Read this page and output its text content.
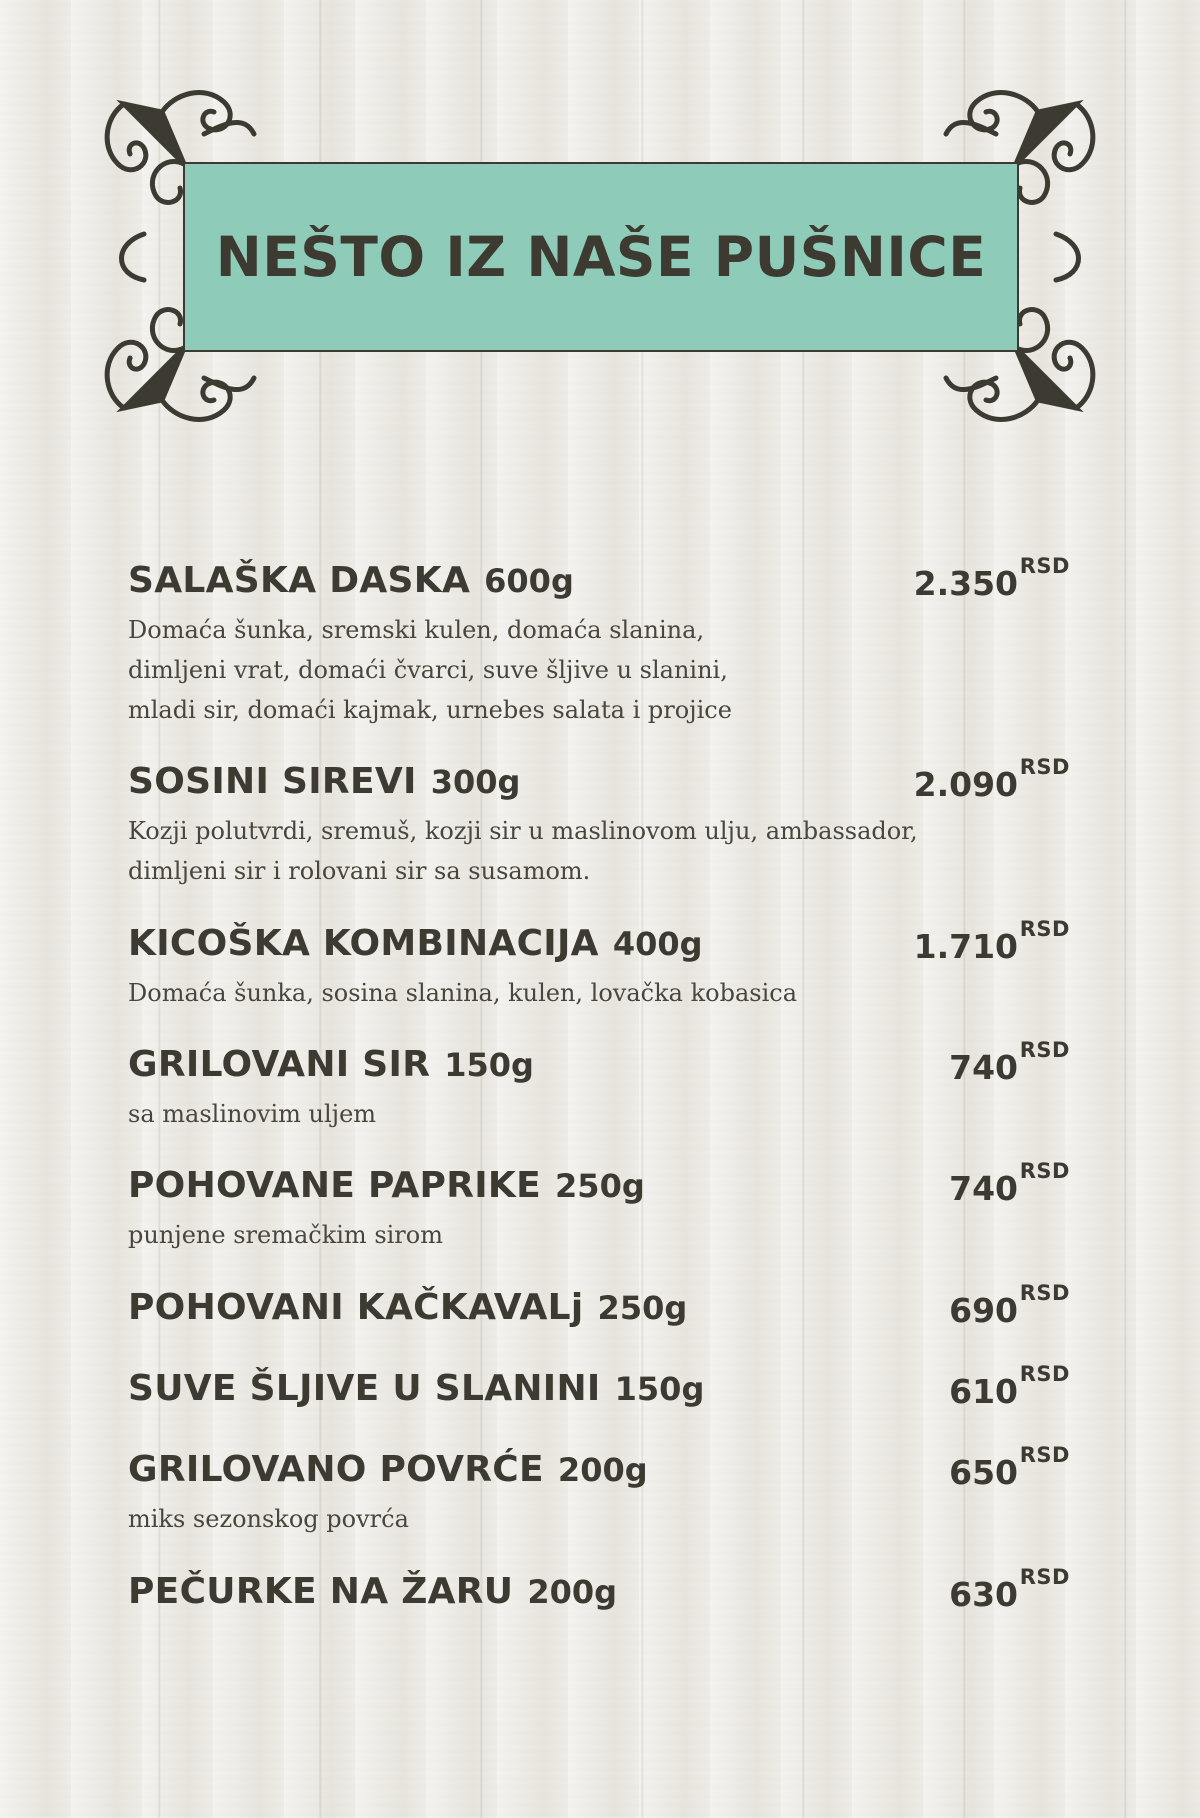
NEŠTO IZ NAŠE PUŠNICE
SALAŠKA DASKA 600g	2.350 RSD

Domaća šunka, sremski kulen, domaća slanina,
dimljeni vrat, domaći čvarci, suve šljive u slanini,
mladi sir, domaći kajmak, urnebes salata i projice

SOSINI SIREVI 300g	2.090 RSD

Kozji polutvrdi, sremuš, kozji sir u maslinovom ulju, ambassador,
dimljeni sir i rolovani sir sa susamom.

KICOŠKA KOMBINACIJA 400g	1.710 RSD

Domaća šunka, sosina slanina, kulen, lovačka kobasica

GRILOVANI SIR 150g	740 RSD

sa maslinovim uljem

POHOVANE PAPRIKE 250g	740 RSD

punjene sremačkim sirom

POHOVANI KAČKAVALj 250g	690 RSD
SUVE ŠLJIVE U SLANINI 150g	610 RSD
GRILOVANO POVRĆE 200g	650 RSD

miks sezonskog povrća

PEČURKE NA ŽARU 200g	630 RSD
